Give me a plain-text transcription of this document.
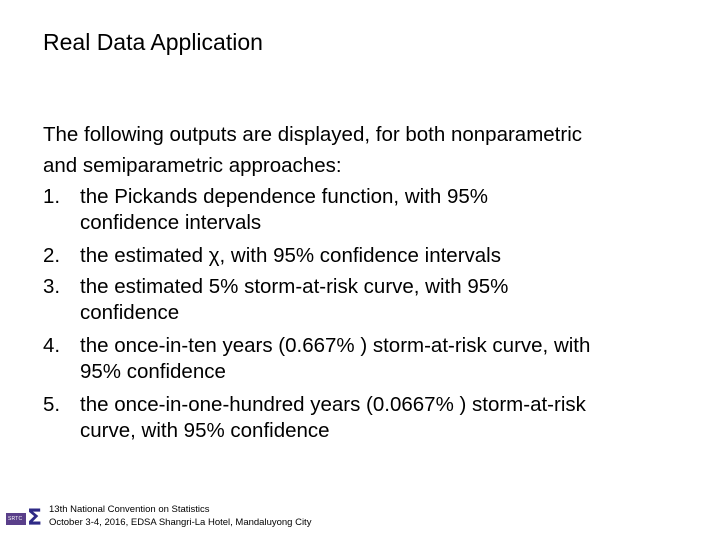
Real Data Application

The following outputs are displayed, for both nonparametric
and semiparametric approaches:

1. the Pickands dependence function, with 95%
confidence intervals
2. the estimated χ, with 95% confidence intervals
3. the estimated 5% storm-at-risk curve, with 95%
confidence
4. the once-in-ten years (0.667% ) storm-at-risk curve, with
95% confidence
5. the once-in-one-hundred years (0.0667% ) storm-at-risk
curve, with 95% confidence
SRTC Σ 13th National Convention on Statistics
October 3-4, 2016, EDSA Shangri-La Hotel, Mandaluyong City
